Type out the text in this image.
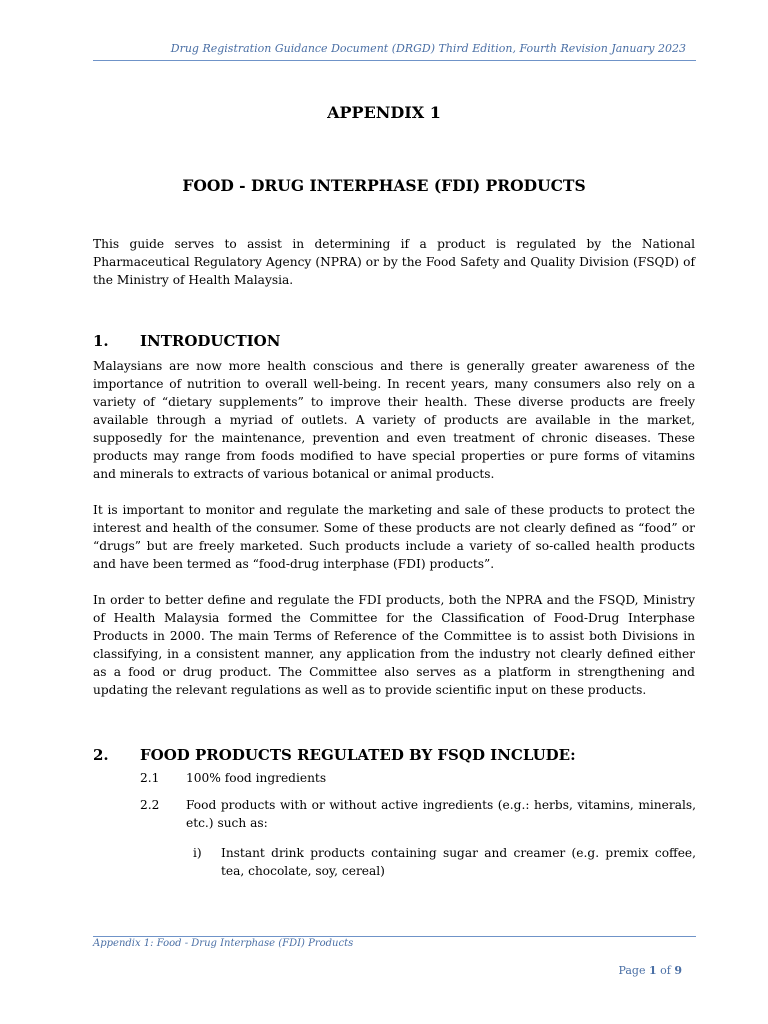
Drug Registration Guidance Document (DRGD) Third Edition, Fourth Revision January 2023
APPENDIX 1
FOOD - DRUG INTERPHASE (FDI) PRODUCTS
This guide serves to assist in determining if a product is regulated by the National Pharmaceutical Regulatory Agency (NPRA) or by the Food Safety and Quality Division (FSQD) of the Ministry of Health Malaysia.
1. INTRODUCTION
Malaysians are now more health conscious and there is generally greater awareness of the importance of nutrition to overall well-being. In recent years, many consumers also rely on a variety of “dietary supplements” to improve their health. These diverse products are freely available through a myriad of outlets. A variety of products are available in the market, supposedly for the maintenance, prevention and even treatment of chronic diseases. These products may range from foods modified to have special properties or pure forms of vitamins and minerals to extracts of various botanical or animal products.
It is important to monitor and regulate the marketing and sale of these products to protect the interest and health of the consumer. Some of these products are not clearly defined as “food” or “drugs” but are freely marketed. Such products include a variety of so-called health products and have been termed as “food-drug interphase (FDI) products”.
In order to better define and regulate the FDI products, both the NPRA and the FSQD, Ministry of Health Malaysia formed the Committee for the Classification of Food-Drug Interphase Products in 2000. The main Terms of Reference of the Committee is to assist both Divisions in classifying, in a consistent manner, any application from the industry not clearly defined either as a food or drug product. The Committee also serves as a platform in strengthening and updating the relevant regulations as well as to provide scientific input on these products.
2. FOOD PRODUCTS REGULATED BY FSQD INCLUDE:
2.1 100% food ingredients
2.2 Food products with or without active ingredients (e.g.: herbs, vitamins, minerals, etc.) such as:
i) Instant drink products containing sugar and creamer (e.g. premix coffee, tea, chocolate, soy, cereal)
Appendix 1: Food - Drug Interphase (FDI) Products
Page 1 of 9
